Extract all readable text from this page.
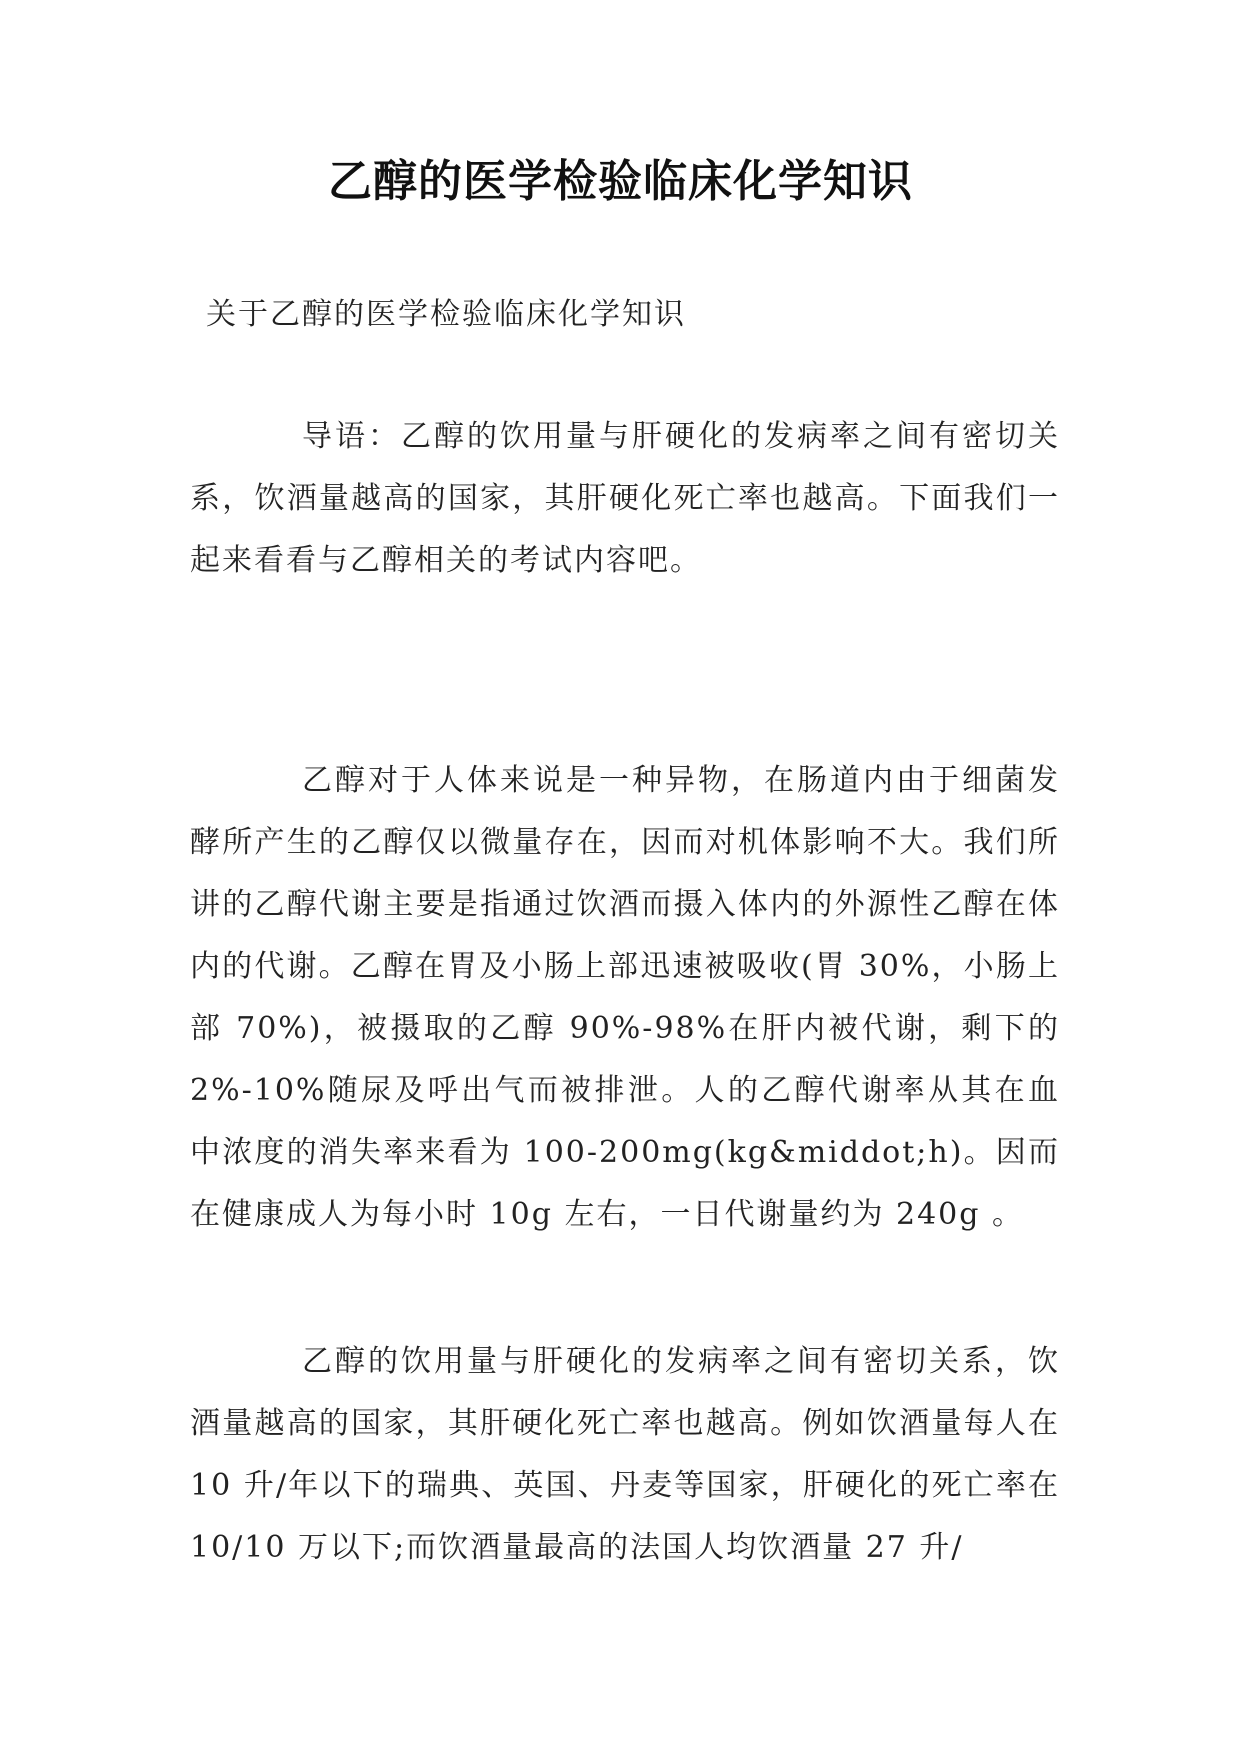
乙醇的医学检验临床化学知识
关于乙醇的医学检验临床化学知识

导语：乙醇的饮用量与肝硬化的发病率之间有密切关系，饮酒量越高的国家，其肝硬化死亡率也越高。下面我们一起来看看与乙醇相关的考试内容吧。

乙醇对于人体来说是一种异物，在肠道内由于细菌发酵所产生的乙醇仅以微量存在，因而对机体影响不大。我们所讲的乙醇代谢主要是指通过饮酒而摄入体内的外源性乙醇在体内的代谢。乙醇在胃及小肠上部迅速被吸收(胃 30%，小肠上部 70%)，被摄取的乙醇 90%-98%在肝内被代谢，剩下的 2%-10%随尿及呼出气而被排泄。人的乙醇代谢率从其在血中浓度的消失率来看为 100-200mg(kg&middot;h)。因而在健康成人为每小时 10g 左右，一日代谢量约为 240g 。

乙醇的饮用量与肝硬化的发病率之间有密切关系，饮酒量越高的国家，其肝硬化死亡率也越高。例如饮酒量每人在 10 升/年以下的瑞典、英国、丹麦等国家，肝硬化的死亡率在 10/10 万以下;而饮酒量最高的法国人均饮酒量 27 升/
